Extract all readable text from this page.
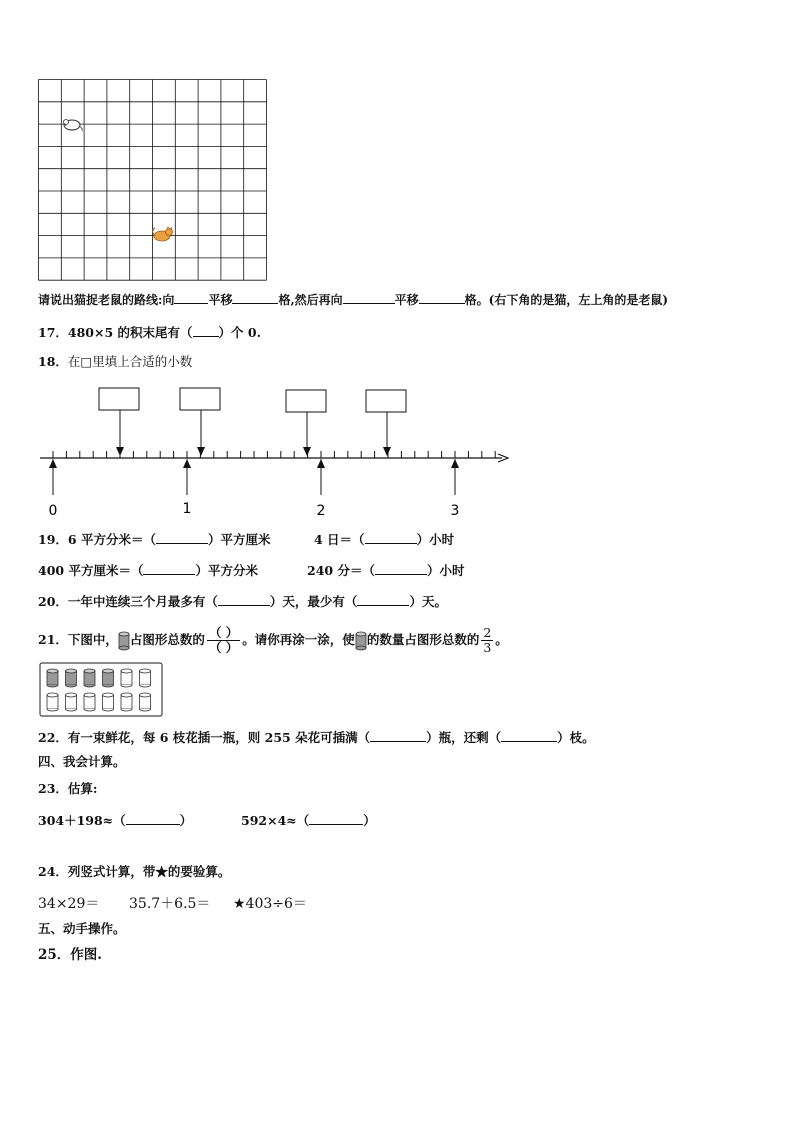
请说出猫捉老鼠的路线:向	平移	格,然后再向	平移	格。(右下角的是猫，左上角的是老鼠)
17．480×5 的积末尾有（ ）个 0.
18．在□里填上合适的小数
0	1	2	3
19．6 平方分米＝（	）平方厘米	4 日＝（	）小时
400 平方厘米＝（	）平方分米	240 分＝（	）小时
20．一年中连续三个月最多有（	）天，最少有（	）天。
21．下图中， 占图形总数的 $\frac{( )}{( )}$ 。请你再涂一涂，使 的数量占图形总数的 $\frac{2}{3}$ 。
22．有一束鲜花，每 6 枝花插一瓶，则 255 朵花可插满（	）瓶，还剩（	）枝。
四、我会计算。
23．估算:
304＋198≈（	）	592×4≈（	）
24．列竖式计算，带★的要验算。
34×29＝ 35.7＋6.5＝ ★403÷6＝
五、动手操作。
25．作图.
